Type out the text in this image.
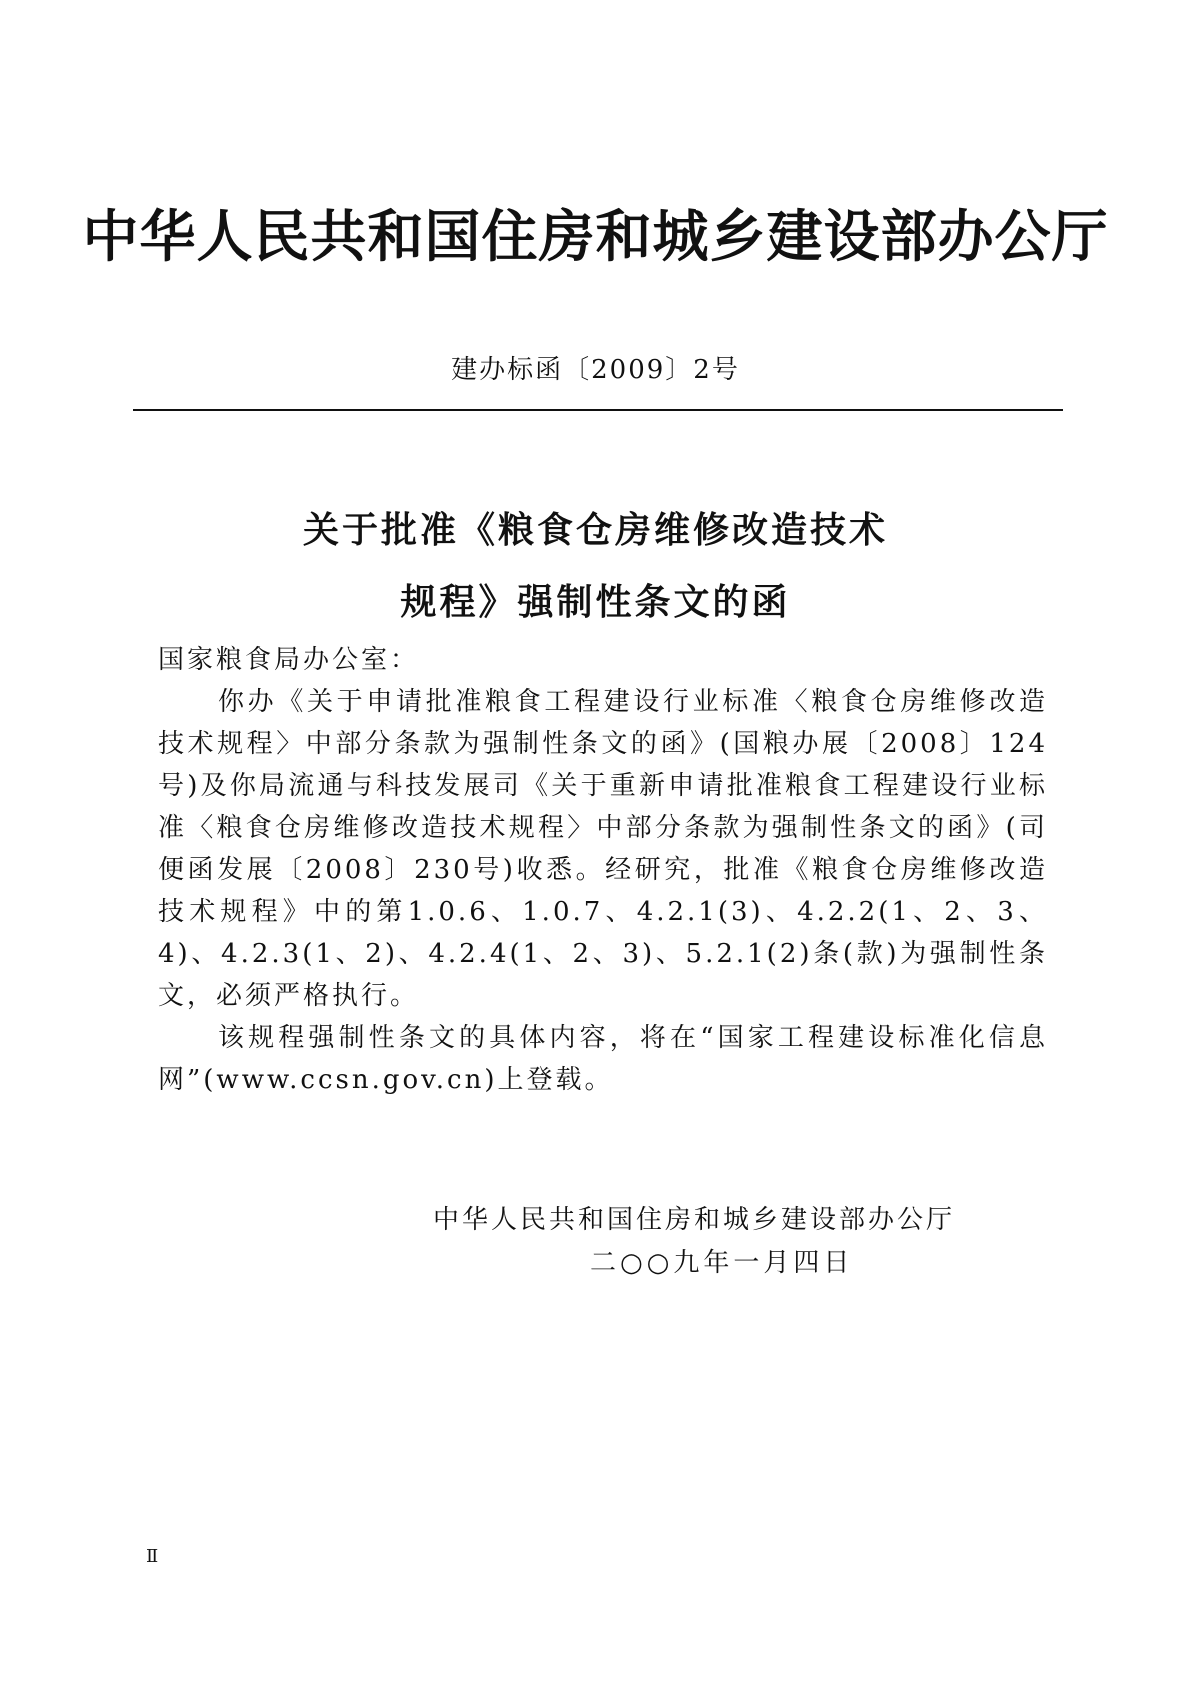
中华人民共和国住房和城乡建设部办公厅
建办标函〔2009〕2号
关于批准《粮食仓房维修改造技术
规程》强制性条文的函

国家粮食局办公室：

你办《关于申请批准粮食工程建设行业标准〈粮食仓房维修改造技术规程〉中部分条款为强制性条文的函》(国粮办展〔2008〕124号)及你局流通与科技发展司《关于重新申请批准粮食工程建设行业标准〈粮食仓房维修改造技术规程〉中部分条款为强制性条文的函》(司便函发展〔2008〕230号)收悉。经研究，批准《粮食仓房维修改造技术规程》中的第1.0.6、1.0.7、4.2.1(3)、4.2.2(1、2、3、4)、4.2.3(1、2)、4.2.4(1、2、3)、5.2.1(2)条(款)为强制性条文，必须严格执行。

该规程强制性条文的具体内容，将在“国家工程建设标准化信息网”(www.ccsn.gov.cn)上登载。

中华人民共和国住房和城乡建设部办公厅
二○○九年一月四日
Ⅱ
